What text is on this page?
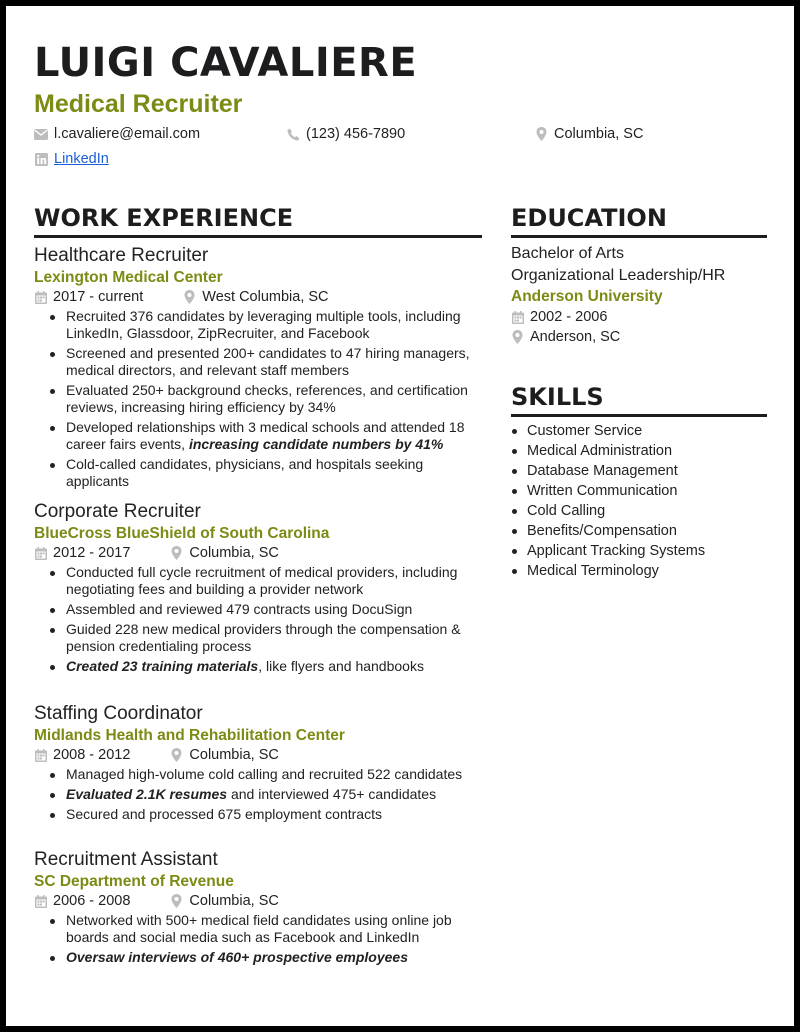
LUIGI CAVALIERE
Medical Recruiter
l.cavaliere@email.com	(123) 456-7890	Columbia, SC
LinkedIn
WORK EXPERIENCE
Healthcare Recruiter
Lexington Medical Center
2017 - current	West Columbia, SC
Recruited 376 candidates by leveraging multiple tools, including LinkedIn, Glassdoor, ZipRecruiter, and Facebook
Screened and presented 200+ candidates to 47 hiring managers, medical directors, and relevant staff members
Evaluated 250+ background checks, references, and certification reviews, increasing hiring efficiency by 34%
Developed relationships with 3 medical schools and attended 18 career fairs events, increasing candidate numbers by 41%
Cold-called candidates, physicians, and hospitals seeking applicants
Corporate Recruiter
BlueCross BlueShield of South Carolina
2012 - 2017	Columbia, SC
Conducted full cycle recruitment of medical providers, including negotiating fees and building a provider network
Assembled and reviewed 479 contracts using DocuSign
Guided 228 new medical providers through the compensation & pension credentialing process
Created 23 training materials, like flyers and handbooks
Staffing Coordinator
Midlands Health and Rehabilitation Center
2008 - 2012	Columbia, SC
Managed high-volume cold calling and recruited 522 candidates
Evaluated 2.1K resumes and interviewed 475+ candidates
Secured and processed 675 employment contracts
Recruitment Assistant
SC Department of Revenue
2006 - 2008	Columbia, SC
Networked with 500+ medical field candidates using online job boards and social media such as Facebook and LinkedIn
Oversaw interviews of 460+ prospective employees
EDUCATION
Bachelor of Arts
Organizational Leadership/HR
Anderson University
2002 - 2006
Anderson, SC
SKILLS
Customer Service
Medical Administration
Database Management
Written Communication
Cold Calling
Benefits/Compensation
Applicant Tracking Systems
Medical Terminology
